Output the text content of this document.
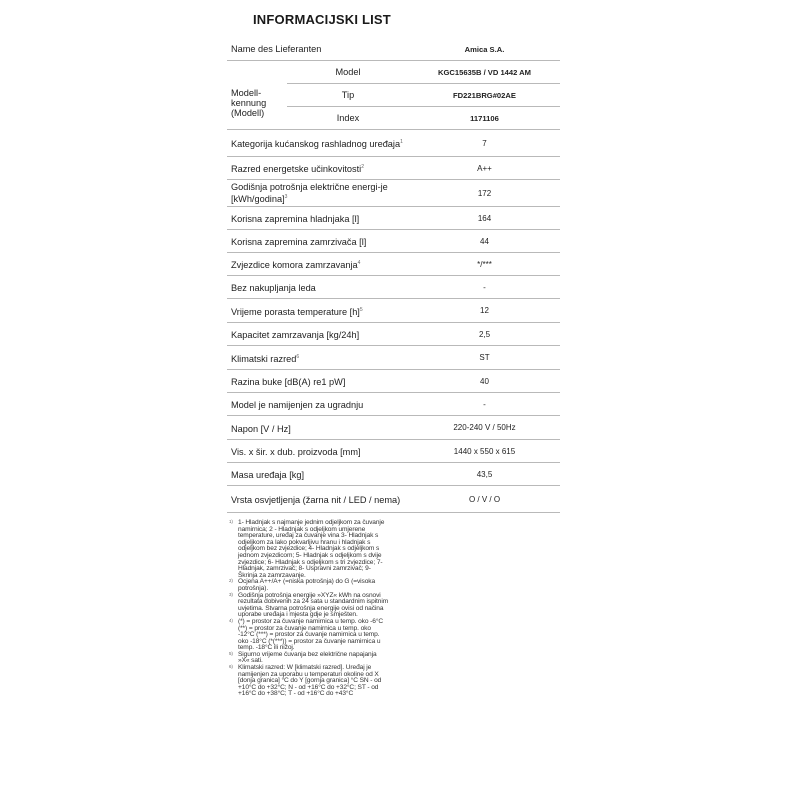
INFORMACIJSKI LIST
Name des Lieferanten	Amica S.A.
Modell-
kennung
(Modell)
Model	KGC15635B / VD 1442 AM
Tip	FD221BRG#02AE
Index	1171106
Kategorija kućanskog rashladnog uređaja$^1$	7
Razred energetske učinkovitosti$^2$	A++
Godišnja potrošnja električne energi-je [kWh/godina]$^3$	172
Korisna zapremina hladnjaka [l]	164
Korisna zapremina zamrzivača [l]	44
Zvjezdice komora zamrzavanja$^4$	*/***
Bez nakupljanja leda	-
Vrijeme porasta temperature $[h]^5$	12
Kapacitet zamrzavanja [kg/24h]	2,5
Klimatski razred$^6$	ST
Razina buke [dB(A) re1 pW]	40
Model je namijenjen za ugradnju	-
Napon [V / Hz]	220-240 V / 50Hz
Vis. x šir. x dub. proizvoda [mm]	1440 x 550 x 615
Masa uređaja [kg]	43,5
Vrsta osvjetljenja (žarna nit / LED / nema)	O / V / O
1) 1- Hladnjak s najmanje jednim odjeljkom za čuvanje namirnica; 2 - Hladnjak s odjeljkom umjerene temperature, uređaj za čuvanje vina 3- Hladnjak s odjeljkom za lako pokvarljivu hranu i hladnjak s odjeljkom bez zvjezdice; 4- Hladnjak s odjeljkom s jednom zvjezdicom; 5- Hladnjak s odjeljkom s dvije zvjezdice; 6- Hladnjak s odjeljkom s tri zvjezdice; 7- Hladnjak, zamrzivač; 8- Uspravni zamrzivač; 9- Škrinja za zamrzavanje.
2) Ocjena A++/A+ (=niska potrošnja) do G (=visoka potrošnja).
3) Godišnja potrošnja energije »XYZ« kWh na osnovi rezultata dobivenih za 24 sata u standardnim ispitnim uvjetima. Stvarna potrošnja energije ovisi od načina uporabe uređaja i mjesta gdje je smješten.
4) (*) = prostor za čuvanje namirnica u temp. oko -6°C (**) = prostor za čuvanje namirnica u temp. oko -12°C (***) = prostor za čuvanje namirnica u temp. oko -18°C (*(***)) = prostor za čuvanje namirnica u temp. -18°C ili nižoj.
5) Sigurno vrijeme čuvanja bez električne napajanja »X« sati.
6) Klimatski razred: W [klimatski razred]. Uređaj je namijenjen za uporabu u temperaturi okoline od X [donja granica] °C do Y [gornja granica] °C SN - od +10°C do +32°C; N - od +16°C do +32°C; ST - od +16°C do +38°C; T - od +16°C do +43°C
